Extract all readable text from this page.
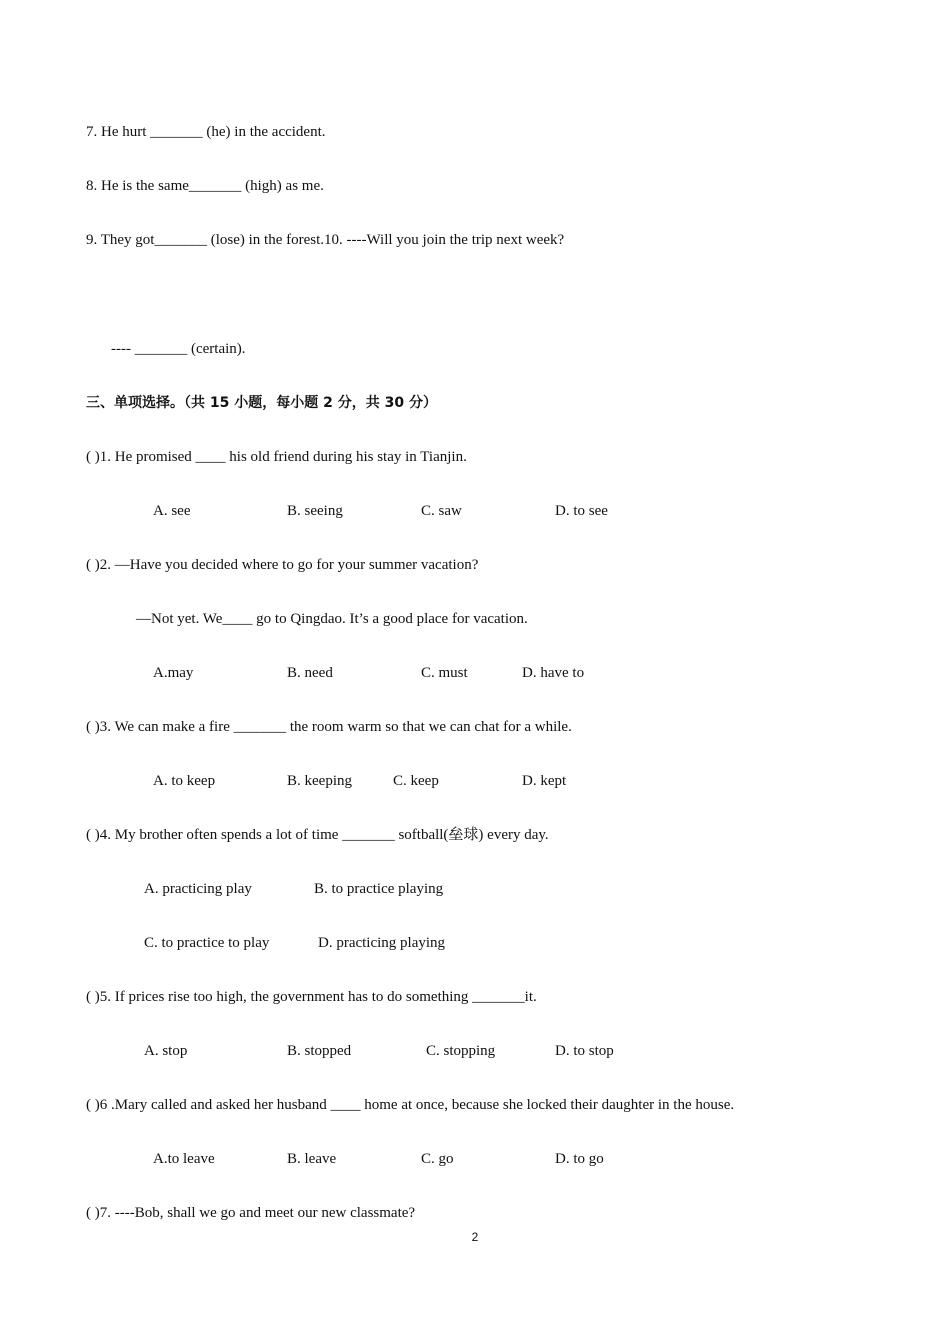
7. He hurt _______ (he) in the accident.
8. He is the same_______ (high) as me.
9. They got_______ (lose) in the forest.10. ----Will you join the trip next week?
---- _______ (certain).
三、单项选择。（共 15 小题，每小题 2 分，共 30 分）
( )1. He promised ____ his old friend during his stay in Tianjin.
A. see	B. seeing	C. saw	D. to see
( )2. —Have you decided where to go for your summer vacation?
—Not yet. We____ go to Qingdao. It’s a good place for vacation.
A.may	B. need	C. must	D. have to
( )3. We can make a fire _______ the room warm so that we can chat for a while.
A. to keep	B. keeping	C. keep	D. kept
( )4. My brother often spends a lot of time _______ softball(垒球) every day.
A. practicing play	B. to practice playing
C. to practice to play	D. practicing playing
( )5. If prices rise too high, the government has to do something _______it.
A. stop	B. stopped	C. stopping	D. to stop
( )6 .Mary called and asked her husband ____ home at once, because she locked their daughter in the house.
A.to leave	B. leave	C. go	D. to go
( )7. ----Bob, shall we go and meet our new classmate?
2
